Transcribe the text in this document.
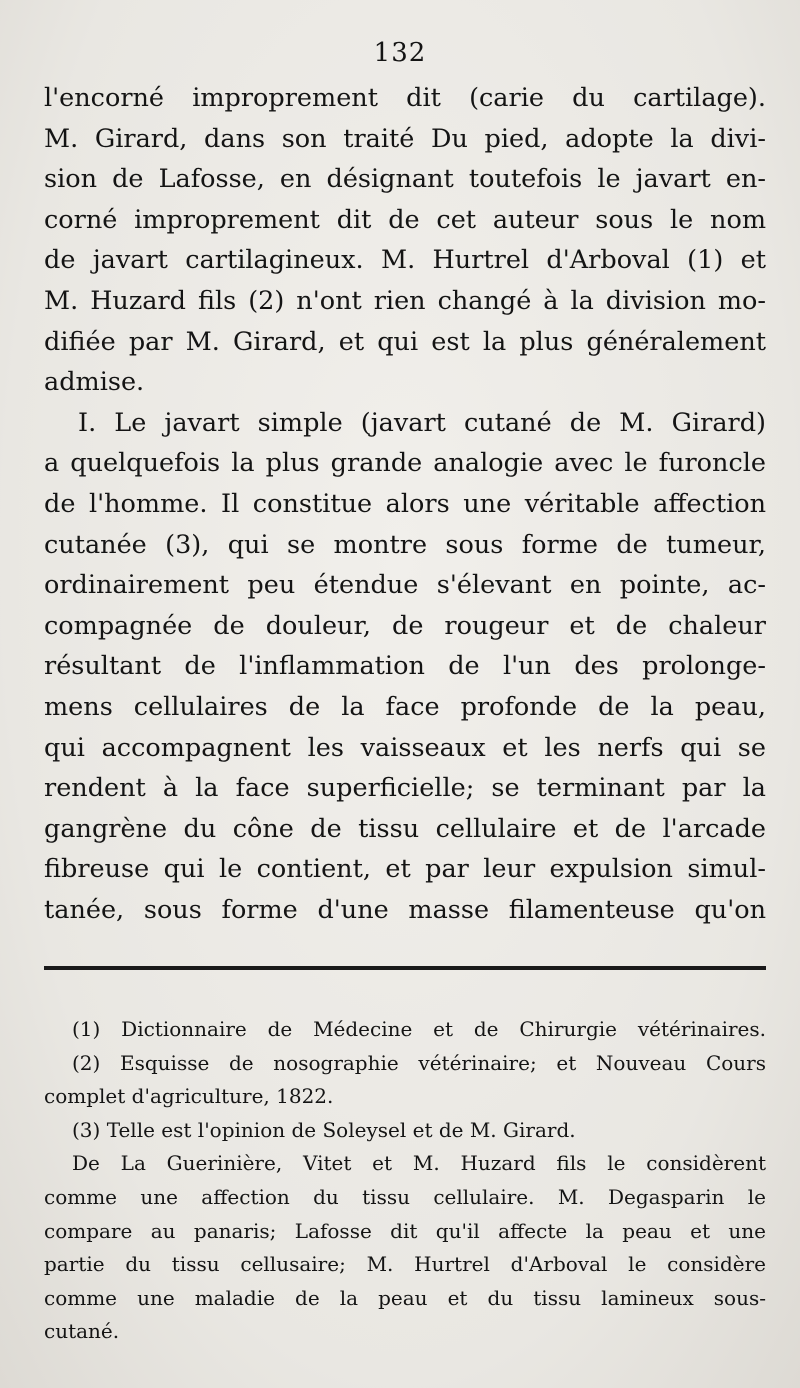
132
l'encorné improprement dit (carie du cartilage).
M. Girard, dans son traité Du pied, adopte la divi-
sion de Lafosse, en désignant toutefois le javart en-
corné improprement dit de cet auteur sous le nom
de javart cartilagineux. M. Hurtrel d'Arboval (1) et
M. Huzard fils (2) n'ont rien changé à la division mo-
difiée par M. Girard, et qui est la plus généralement
admise.
I. Le javart simple (javart cutané de M. Girard)
a quelquefois la plus grande analogie avec le furoncle
de l'homme. Il constitue alors une véritable affection
cutanée (3), qui se montre sous forme de tumeur,
ordinairement peu étendue s'élevant en pointe, ac-
compagnée de douleur, de rougeur et de chaleur
résultant de l'inflammation de l'un des prolonge-
mens cellulaires de la face profonde de la peau,
qui accompagnent les vaisseaux et les nerfs qui se
rendent à la face superficielle; se terminant par la
gangrène du cône de tissu cellulaire et de l'arcade
fibreuse qui le contient, et par leur expulsion simul-
tanée, sous forme d'une masse filamenteuse qu'on
(1) Dictionnaire de Médecine et de Chirurgie vétérinaires.
(2) Esquisse de nosographie vétérinaire; et Nouveau Cours
complet d'agriculture, 1822.
(3) Telle est l'opinion de Soleysel et de M. Girard.
De La Guerinière, Vitet et M. Huzard fils le considèrent
comme une affection du tissu cellulaire. M. Degasparin le
compare au panaris; Lafosse dit qu'il affecte la peau et une
partie du tissu cellusaire; M. Hurtrel d'Arboval le considère
comme une maladie de la peau et du tissu lamineux sous-
cutané.
